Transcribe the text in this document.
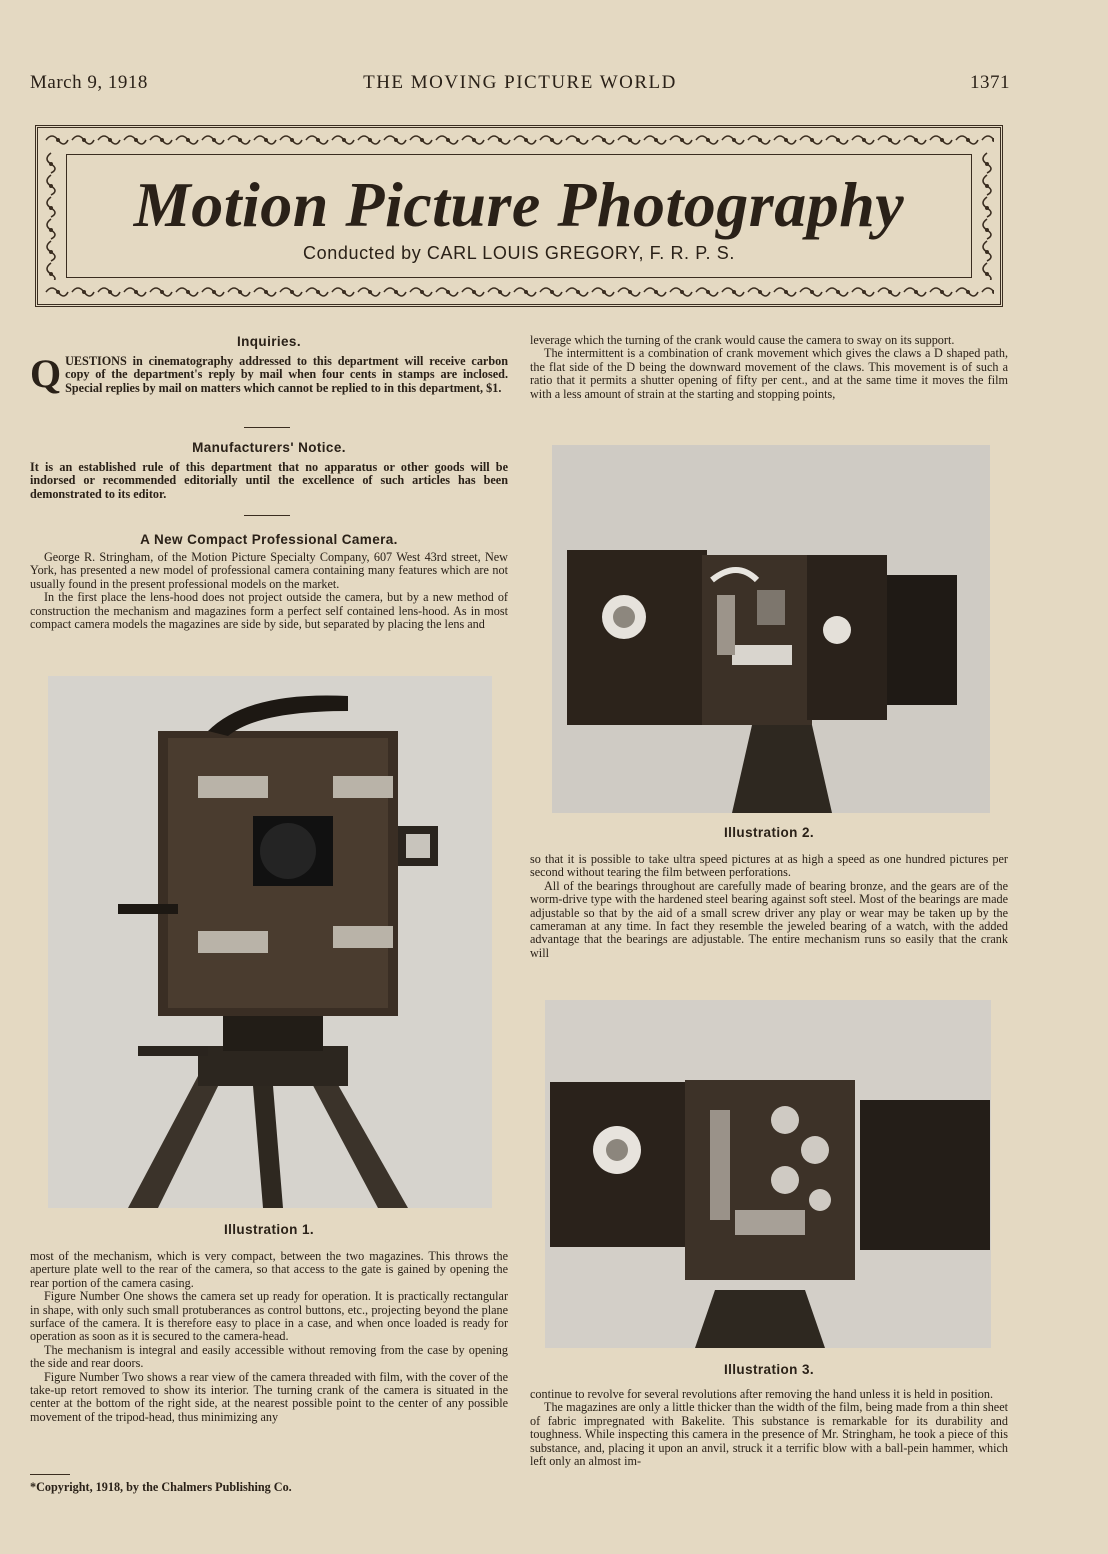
March 9, 1918	THE MOVING PICTURE WORLD	1371
Motion Picture Photography
Conducted by CARL LOUIS GREGORY, F. R. P. S.
Inquiries.

QUESTIONS in cinematography addressed to this department will receive carbon copy of the department's reply by mail when four cents in stamps are inclosed. Special replies by mail on matters which cannot be replied to in this department, $1.

Manufacturers' Notice.

It is an established rule of this department that no apparatus or other goods will be indorsed or recommended editorially until the excellence of such articles has been demonstrated to its editor.

A New Compact Professional Camera.

George R. Stringham, of the Motion Picture Specialty Company, 607 West 43rd street, New York, has presented a new model of professional camera containing many features which are not usually found in the present professional models on the market.

In the first place the lens-hood does not project outside the camera, but by a new method of construction the mechanism and magazines form a perfect self contained lens-hood. As in most compact camera models the magazines are side by side, but separated by placing the lens and

Illustration 1.

most of the mechanism, which is very compact, between the two magazines. This throws the aperture plate well to the rear of the camera, so that access to the gate is gained by opening the rear portion of the camera casing.

Figure Number One shows the camera set up ready for operation. It is practically rectangular in shape, with only such small protuberances as control buttons, etc., projecting beyond the plane surface of the camera. It is therefore easy to place in a case, and when once loaded is ready for operation as soon as it is secured to the camera-head.

The mechanism is integral and easily accessible without removing from the case by opening the side and rear doors.

Figure Number Two shows a rear view of the camera threaded with film, with the cover of the take-up retort removed to show its interior. The turning crank of the camera is situated in the center at the bottom of the right side, at the nearest possible point to the center of any possible movement of the tripod-head, thus minimizing any

*Copyright, 1918, by the Chalmers Publishing Co.

leverage which the turning of the crank would cause the camera to sway on its support.

The intermittent is a combination of crank movement which gives the claws a D shaped path, the flat side of the D being the downward movement of the claws. This movement is of such a ratio that it permits a shutter opening of fifty per cent., and at the same time it moves the film with a less amount of strain at the starting and stopping points,

Illustration 2.

so that it is possible to take ultra speed pictures at as high a speed as one hundred pictures per second without tearing the film between perforations.

All of the bearings throughout are carefully made of bearing bronze, and the gears are of the worm-drive type with the hardened steel bearing against soft steel. Most of the bearings are made adjustable so that by the aid of a small screw driver any play or wear may be taken up by the cameraman at any time. In fact they resemble the jeweled bearing of a watch, with the added advantage that the bearings are adjustable. The entire mechanism runs so easily that the crank will

Illustration 3.

continue to revolve for several revolutions after removing the hand unless it is held in position.

The magazines are only a little thicker than the width of the film, being made from a thin sheet of fabric impregnated with Bakelite. This substance is remarkable for its durability and toughness. While inspecting this camera in the presence of Mr. Stringham, he took a piece of this substance, and, placing it upon an anvil, struck it a terrific blow with a ball-pein hammer, which left only an almost im-
